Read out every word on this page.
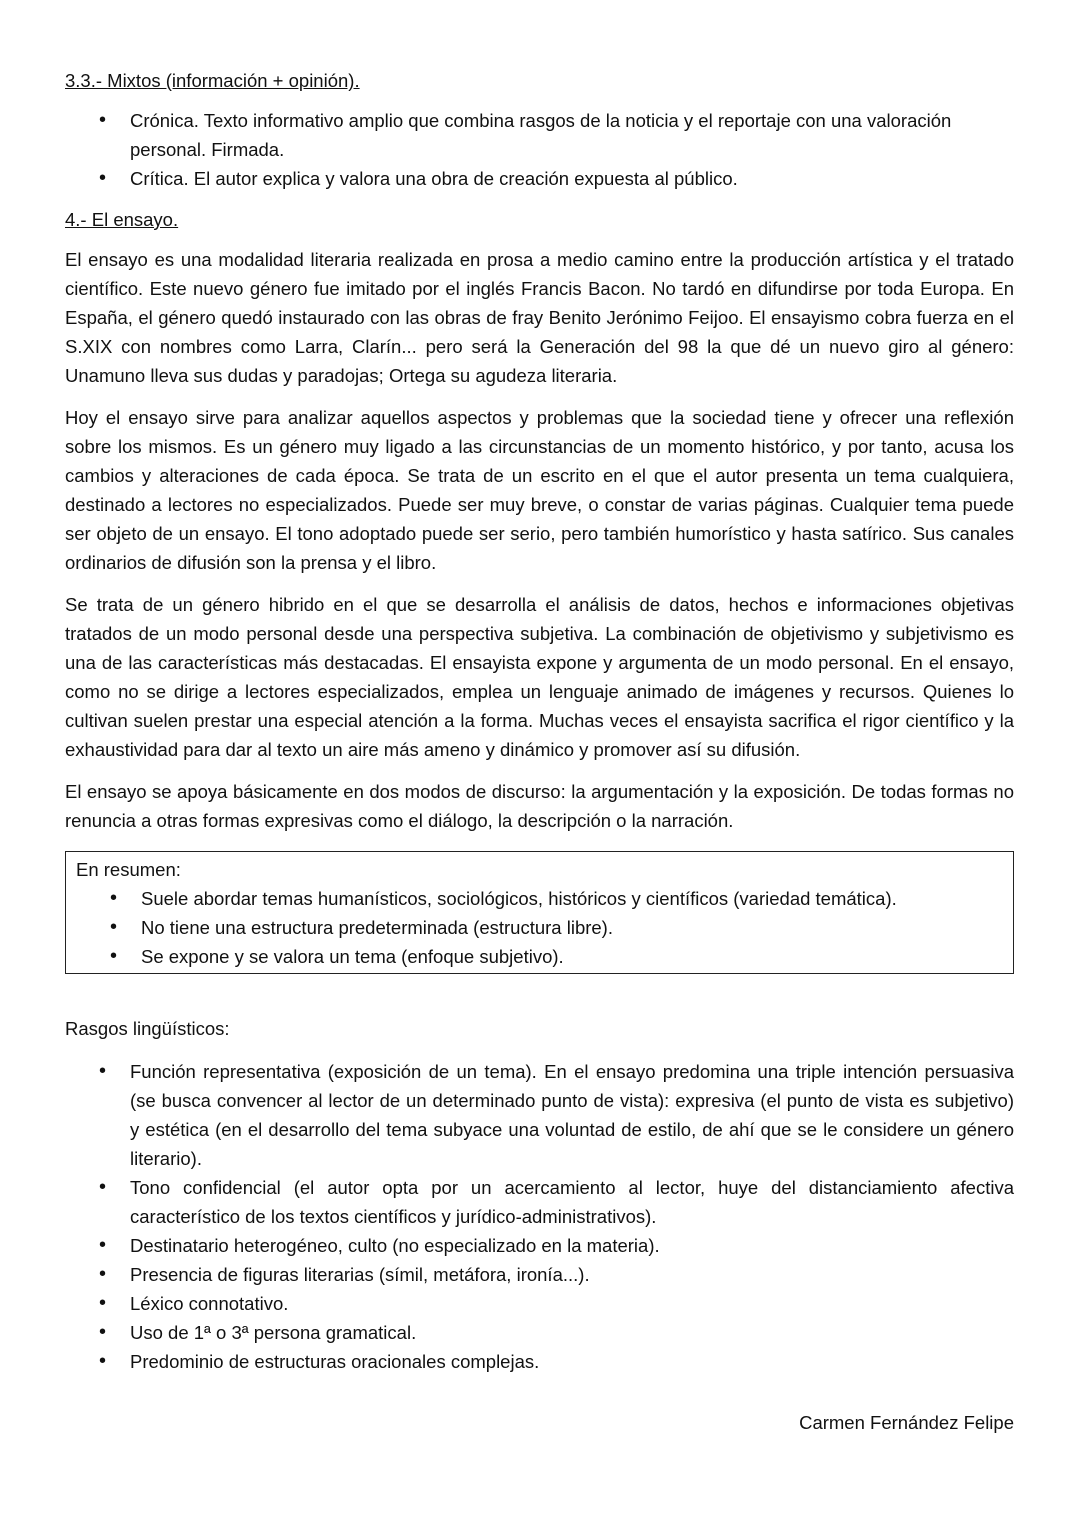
3.3.- Mixtos (información + opinión).
• Crónica. Texto informativo amplio que combina rasgos de la noticia y el reportaje con una valoración personal. Firmada.
• Crítica. El autor explica y valora una obra de creación expuesta al público.
4.- El ensayo.

El ensayo es una modalidad literaria realizada en prosa a medio camino entre la producción artística y el tratado científico. Este nuevo género fue imitado por el inglés Francis Bacon. No tardó en difundirse por toda Europa. En España, el género quedó instaurado con las obras de fray Benito Jerónimo Feijoo. El ensayismo cobra fuerza en el S.XIX con nombres como Larra, Clarín... pero será la Generación del 98 la que dé un nuevo giro al género: Unamuno lleva sus dudas y paradojas; Ortega su agudeza literaria.

Hoy el ensayo sirve para analizar aquellos aspectos y problemas que la sociedad tiene y ofrecer una reflexión sobre los mismos. Es un género muy ligado a las circunstancias de un momento histórico, y por tanto, acusa los cambios y alteraciones de cada época. Se trata de un escrito en el que el autor presenta un tema cualquiera, destinado a lectores no especializados. Puede ser muy breve, o constar de varias páginas. Cualquier tema puede ser objeto de un ensayo. El tono adoptado puede ser serio, pero también humorístico y hasta satírico. Sus canales ordinarios de difusión son la prensa y el libro.

Se trata de un género hibrido en el que se desarrolla el análisis de datos, hechos e informaciones objetivas tratados de un modo personal desde una perspectiva subjetiva. La combinación de objetivismo y subjetivismo es una de las características más destacadas. El ensayista expone y argumenta de un modo personal. En el ensayo, como no se dirige a lectores especializados, emplea un lenguaje animado de imágenes y recursos. Quienes lo cultivan suelen prestar una especial atención a la forma. Muchas veces el ensayista sacrifica el rigor científico y la exhaustividad para dar al texto un aire más ameno y dinámico y promover así su difusión.

El ensayo se apoya básicamente en dos modos de discurso: la argumentación y la exposición. De todas formas no renuncia a otras formas expresivas como el diálogo, la descripción o la narración.

En resumen:
• Suele abordar temas humanísticos, sociológicos, históricos y científicos (variedad temática).
• No tiene una estructura predeterminada (estructura libre).
• Se expone y se valora un tema (enfoque subjetivo).
Rasgos lingüísticos:
• Función representativa (exposición de un tema). En el ensayo predomina una triple intención persuasiva (se busca convencer al lector de un determinado punto de vista): expresiva (el punto de vista es subjetivo) y estética (en el desarrollo del tema subyace una voluntad de estilo, de ahí que se le considere un género literario).
• Tono confidencial (el autor opta por un acercamiento al lector, huye del distanciamiento afectiva característico de los textos científicos y jurídico-administrativos).
• Destinatario heterogéneo, culto (no especializado en la materia).
• Presencia de figuras literarias (símil, metáfora, ironía...).
• Léxico connotativo.
• Uso de 1ª o 3ª persona gramatical.
• Predominio de estructuras oracionales complejas.
Carmen Fernández Felipe
